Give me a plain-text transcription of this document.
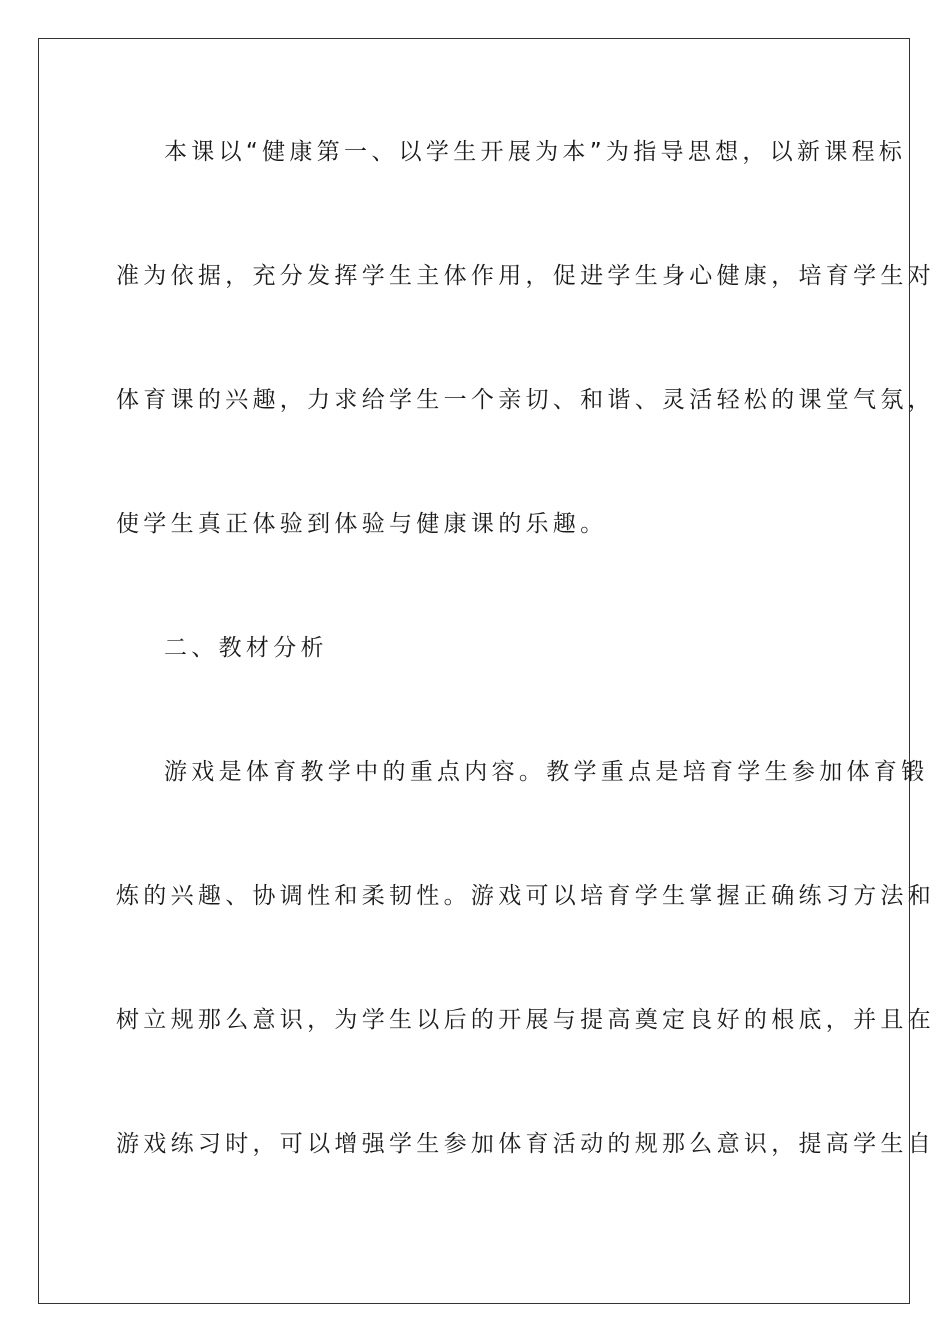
本课以“健康第一、以学生开展为本”为指导思想，以新课程标
准为依据，充分发挥学生主体作用，促进学生身心健康，培育学生对
体育课的兴趣，力求给学生一个亲切、和谐、灵活轻松的课堂气氛，
使学生真正体验到体验与健康课的乐趣。
二、教材分析
游戏是体育教学中的重点内容。教学重点是培育学生参加体育锻
炼的兴趣、协调性和柔韧性。游戏可以培育学生掌握正确练习方法和
树立规那么意识，为学生以后的开展与提高奠定良好的根底，并且在
游戏练习时，可以增强学生参加体育活动的规那么意识，提高学生自
